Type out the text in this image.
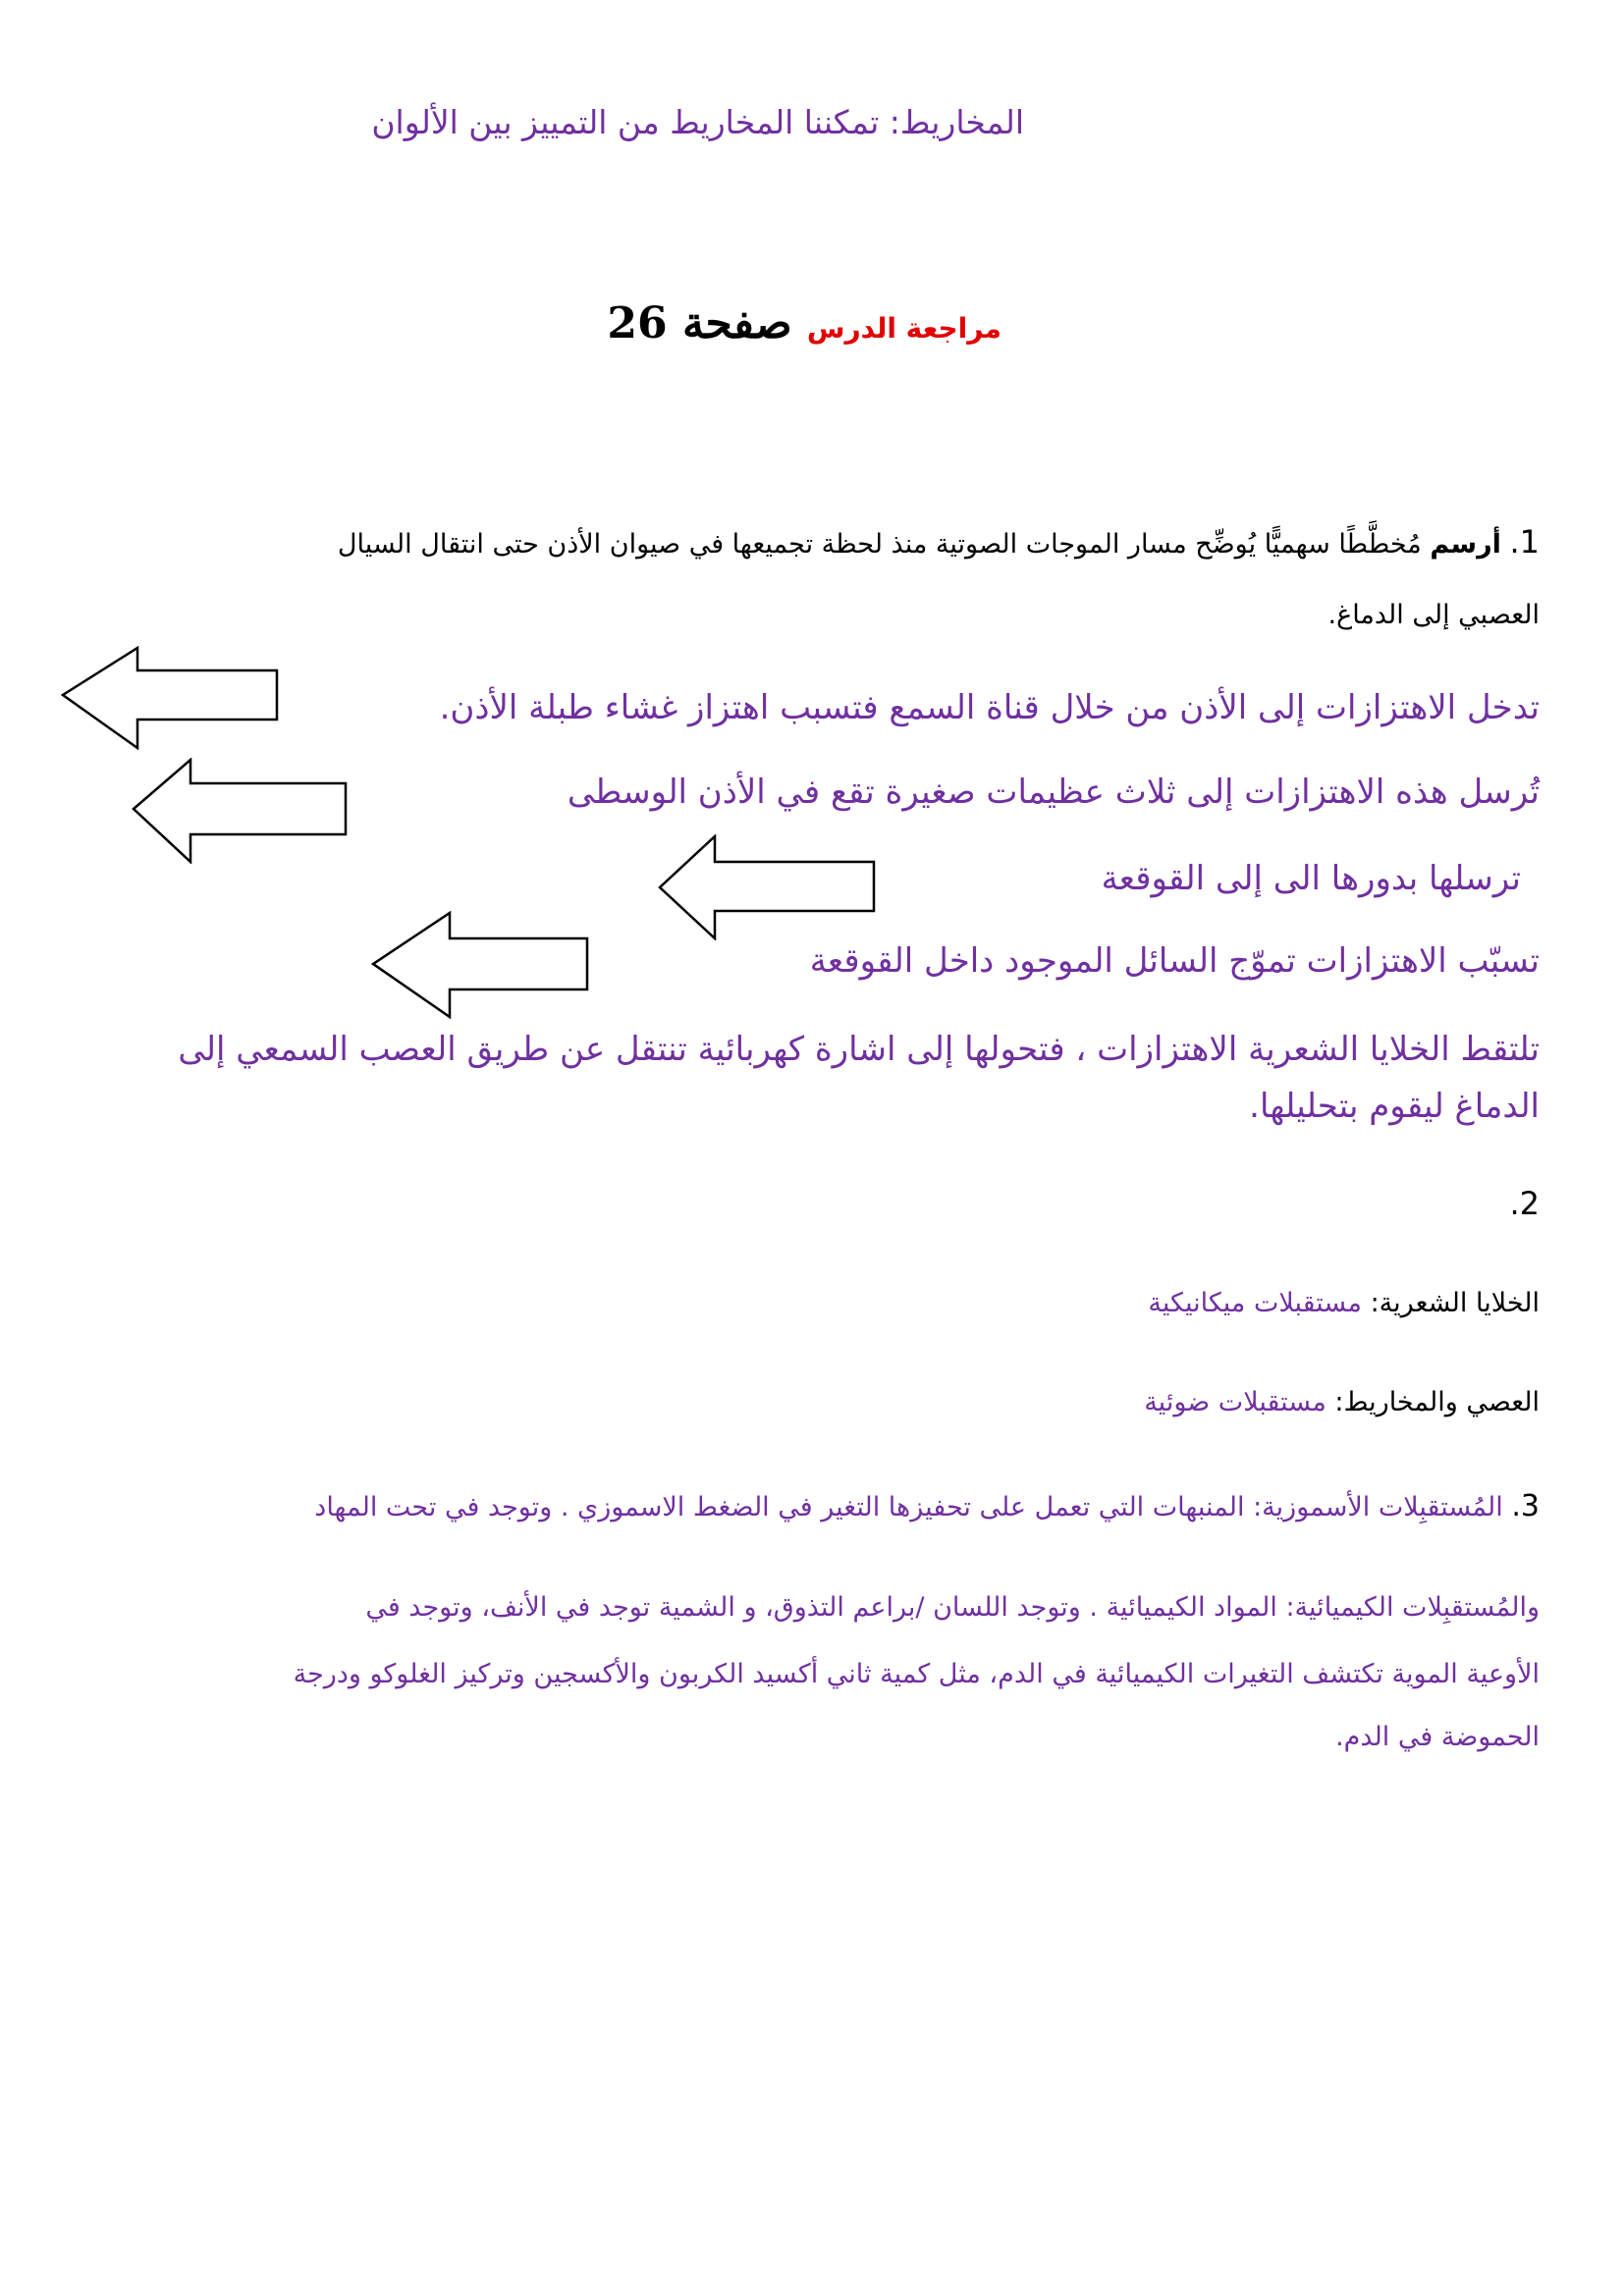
المخاريط: تمكننا المخاريط من التمييز بين الألوان
مراجعة الدرس صفحة 26
1. أرسم مُخطَّطًا سهميًّا يُوضِّح مسار الموجات الصوتية منذ لحظة تجميعها في صيوان الأذن حتى انتقال السيال
العصبي إلى الدماغ.
تدخل الاهتزازات إلى الأذن من خلال قناة السمع فتسبب اهتزاز غشاء طبلة الأذن.
تُرسل هذه الاهتزازات إلى ثلاث عظيمات صغيرة تقع في الأذن الوسطى
ترسلها بدورها الى إلى القوقعة
تسبّب الاهتزازات تموّج السائل الموجود داخل القوقعة
تلتقط الخلايا الشعرية الاهتزازات ، فتحولها إلى اشارة كهربائية تنتقل عن طريق العصب السمعي إلى
الدماغ ليقوم بتحليلها.
.2
الخلايا الشعرية: مستقبلات ميكانيكية
العصي والمخاريط: مستقبلات ضوئية
3. المُستقبِلات الأسموزية: المنبهات التي تعمل على تحفيزها التغير في الضغط الاسموزي . وتوجد في تحت المهاد
والمُستقبِلات الكيميائية: المواد الكيميائية . وتوجد اللسان /براعم التذوق، و الشمية توجد في الأنف، وتوجد في
الأوعية الموية تكتشف التغيرات الكيميائية في الدم، مثل كمية ثاني أكسيد الكربون والأكسجين وتركيز الغلوكو ودرجة
الحموضة في الدم.
